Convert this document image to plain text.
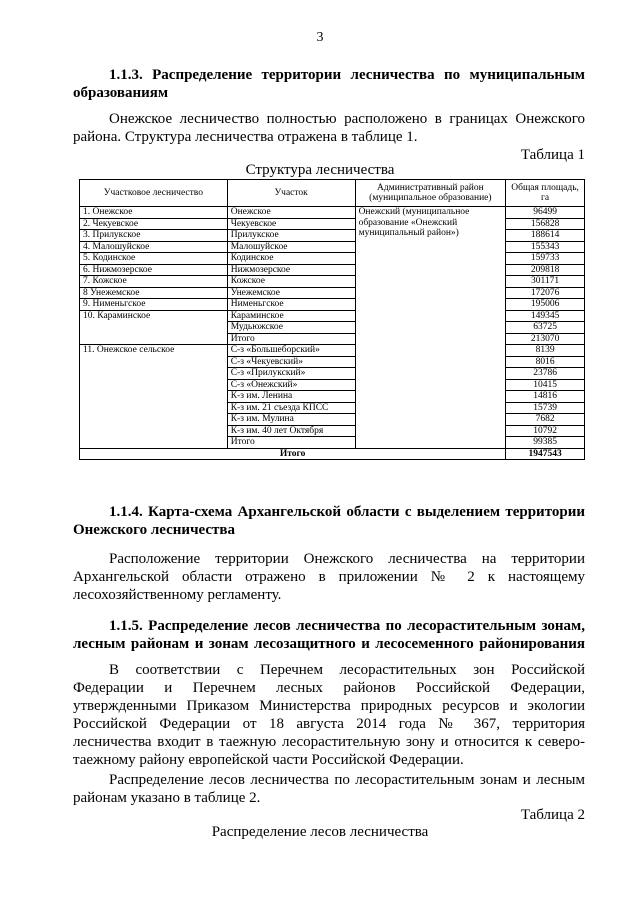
3
1.1.3. Распределение территории лесничества по муниципальным образованиям

Онежское лесничество полностью расположено в границах Онежского района. Структура лесничества отражена в таблице 1.

Таблица 1
Структура лесничества
Участковое лесничество	Участок	Административный район (муниципальное образование)	Общая площадь, га
1. Онежское	Онежское	Онежский (муниципальное образование «Онежский муниципальный район»)	96499
2. Чекуевское	Чекуевское		156828
3. Прилукское	Прилукское		188614
4. Малошуйское	Малошуйское		155343
5. Кодинское	Кодинское		159733
6. Нижмозерское	Нижмозерское		209818
7. Кожское	Кожское		301171
8 Унежемское	Унежемское		172076
9. Нименьгское	Нименьгское		195006
10. Караминское	Караминское		149345
	Мудьюжское		63725
	Итого		213070
11. Онежское сельское	С-з «Большеборский»		8139
	С-з «Чекуевский»		8016
	С-з «Прилукский»		23786
	С-з «Онежский»		10415
	К-з им. Ленина		14816
	К-з им. 21 съезда КПСС		15739
	К-з им. Мулина		7682
	К-з им. 40 лет Октября		10792
	Итого		99385
Итого			1947543
1.1.4. Карта-схема Архангельской области с выделением территории
Онежского лесничества
Расположение территории Онежского лесничества на территории
Архангельской области отражено в приложении № 2 к настоящему
лесохозяйственному регламенту.
1.1.5. Распределение лесов лесничества по лесорастительным зонам,
лесным районам и зонам лесозащитного и лесосеменного районирования
В соответствии с Перечнем лесорастительных зон Российской
Федерации и Перечнем лесных районов Российской Федерации,
утвержденными Приказом Министерства природных ресурсов и экологии
Российской Федерации от 18 августа 2014 года № 367, территория
лесничества входит в таежную лесорастительную зону и относится к северо-
таежному району европейской части Российской Федерации.
Распределение лесов лесничества по лесорастительным зонам и лесным
районам указано в таблице 2.
Таблица 2
Распределение лесов лесничества
